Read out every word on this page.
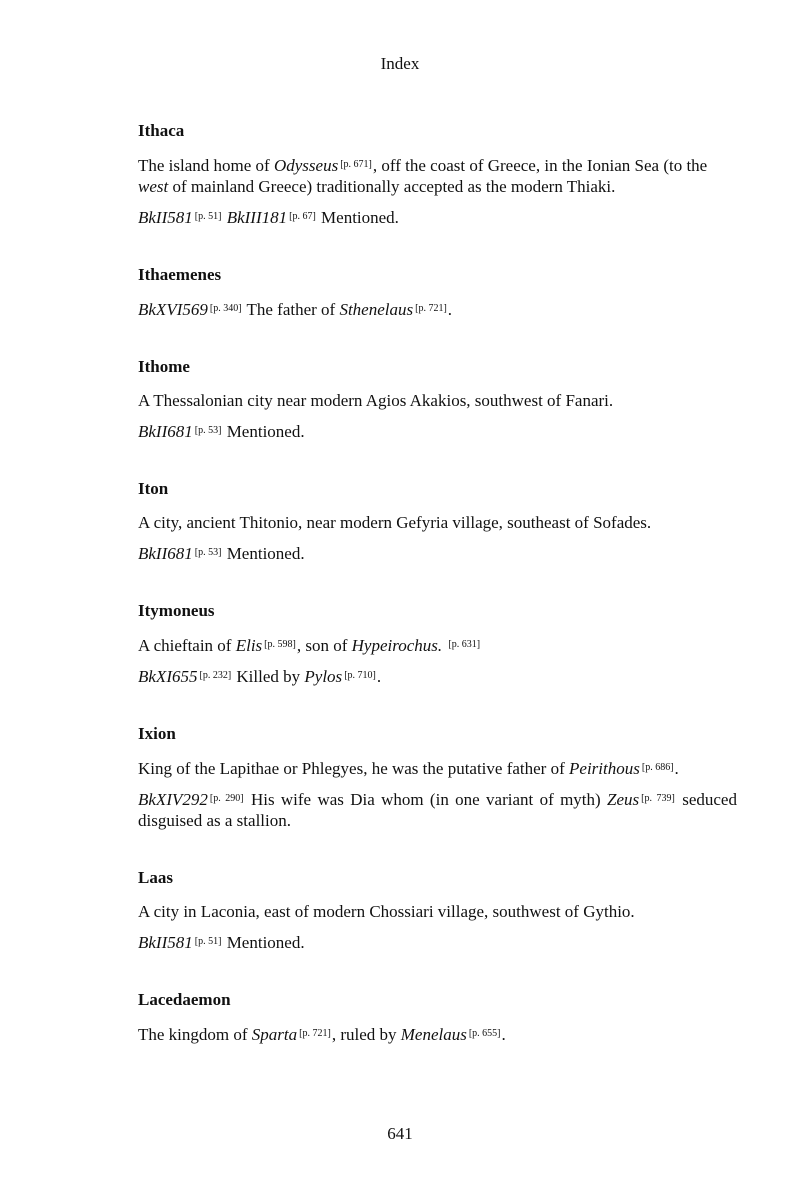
Index
Ithaca
The island home of Odysseus [p. 671], off the coast of Greece, in the Ionian Sea (to the west of mainland Greece) traditionally accepted as the modern Thiaki.
BkII581 [p. 51] BkIII181 [p. 67] Mentioned.
Ithaemenes
BkXVI569 [p. 340] The father of Sthenelaus [p. 721].
Ithome
A Thessalonian city near modern Agios Akakios, southwest of Fanari.
BkII681 [p. 53] Mentioned.
Iton
A city, ancient Thitonio, near modern Gefyria village, southeast of Sofades.
BkII681 [p. 53] Mentioned.
Itymoneus
A chieftain of Elis [p. 598], son of Hypeirochus. [p. 631]
BkXI655 [p. 232] Killed by Pylos [p. 710].
Ixion
King of the Lapithae or Phlegyes, he was the putative father of Peirithous [p. 686].
BkXIV292 [p. 290] His wife was Dia whom (in one variant of myth) Zeus [p. 739] seduced disguised as a stallion.
Laas
A city in Laconia, east of modern Chossiari village, southwest of Gythio.
BkII581 [p. 51] Mentioned.
Lacedaemon
The kingdom of Sparta [p. 721], ruled by Menelaus [p. 655].
641
